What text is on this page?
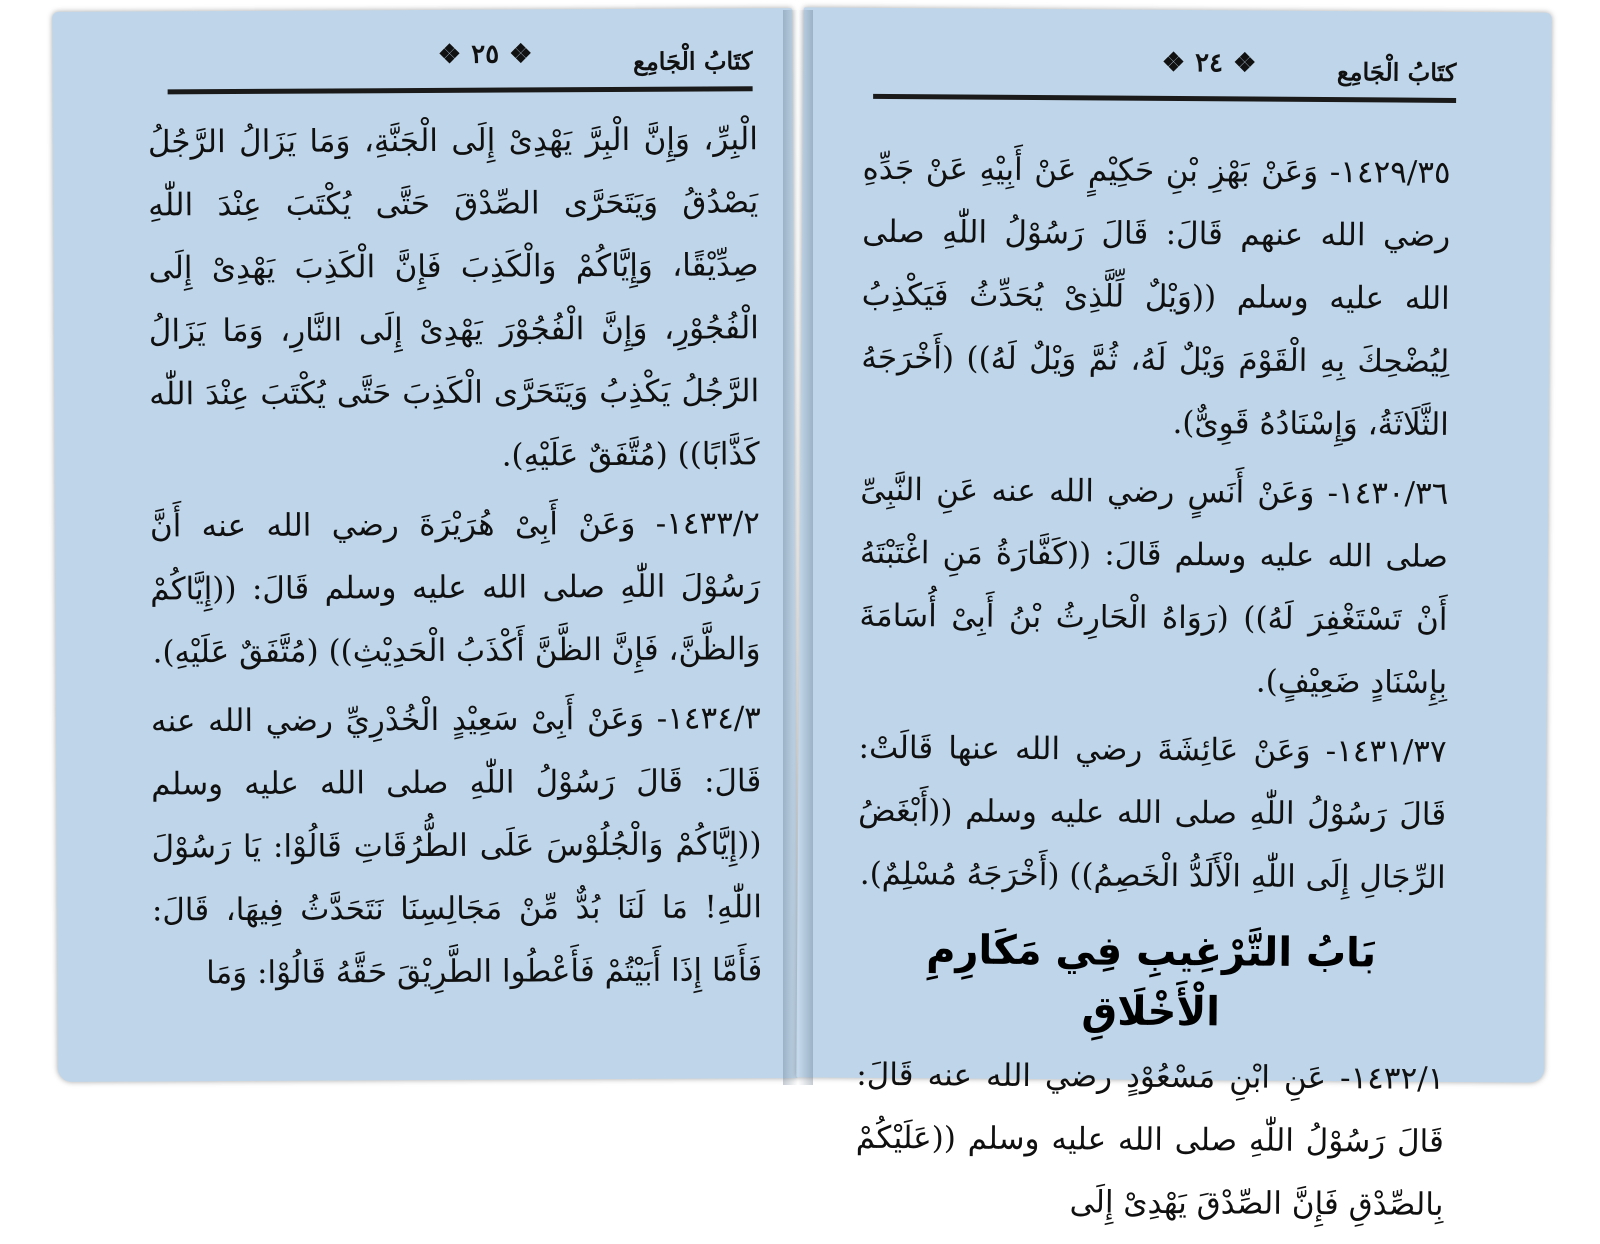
كتَابُ الْجَامِع
❖ ٢٥ ❖

الْبِرِّ، وَإِنَّ الْبِرَّ يَهْدِىْ إِلَى الْجَنَّةِ، وَمَا يَزَالُ الرَّجُلُ يَصْدُقُ وَيَتَحَرَّى الصِّدْقَ حَتَّى يُكْتَبَ عِنْدَ اللّٰهِ صِدِّيْقًا، وَإِيَّاكُمْ وَالْكَذِبَ فَإِنَّ الْكَذِبَ يَهْدِىْ إِلَى الْفُجُوْرِ، وَإِنَّ الْفُجُوْرَ يَهْدِىْ إِلَى النَّارِ، وَمَا يَزَالُ الرَّجُلُ يَكْذِبُ وَيَتَحَرَّى الْكَذِبَ حَتَّى يُكْتَبَ عِنْدَ اللّٰه كَذَّابًا)) (مُتَّفَقٌ عَلَيْهِ).

١٤٣٣/٢- وَعَنْ أَبِىْ هُرَيْرَةَ رضي الله عنه أَنَّ رَسُوْلَ اللّٰهِ صلى الله عليه وسلم قَالَ: ((إِيَّاكُمْ وَالظَّنَّ، فَإِنَّ الظَّنَّ أَكْذَبُ الْحَدِيْثِ)) (مُتَّفَقٌ عَلَيْهِ).

١٤٣٤/٣- وَعَنْ أَبِىْ سَعِيْدٍ الْخُدْرِيِّ رضي الله عنه قَالَ: قَالَ رَسُوْلُ اللّٰهِ صلى الله عليه وسلم ((إِيَّاكُمْ وَالْجُلُوْسَ عَلَى الطُّرُقَاتِ قَالُوْا: يَا رَسُوْلَ اللّٰهِ! مَا لَنَا بُدٌّ مِّنْ مَجَالِسِنَا نَتَحَدَّثُ فِيهَا، قَالَ: فَأَمَّا إِذَا أَبَيْتُمْ فَأَعْطُوا الطَّرِيْقَ حَقَّهُ قَالُوْا: وَمَا

كتَابُ الْجَامِع
❖ ٢٤ ❖

١٤٢٩/٣٥- وَعَنْ بَهْزِ بْنِ حَكِيْمٍ عَنْ أَبِيْهِ عَنْ جَدِّهِ رضي الله عنهم قَالَ: قَالَ رَسُوْلُ اللّٰهِ صلى الله عليه وسلم ((وَيْلٌ لِّلَّذِىْ يُحَدِّثُ فَيَكْذِبُ لِيُضْحِكَ بِهِ الْقَوْمَ وَيْلٌ لَهُ، ثُمَّ وَيْلٌ لَهُ)) (أَخْرَجَهُ الثَّلَاثَةُ، وَإِسْنَادُهُ قَوِىٌّ).

١٤٣٠/٣٦- وَعَنْ أَنَسٍ رضي الله عنه عَنِ النَّبِىِّ صلى الله عليه وسلم قَالَ: ((كَفَّارَةُ مَنِ اغْتَبْتَهُ أَنْ تَسْتَغْفِرَ لَهُ)) (رَوَاهُ الْحَارِثُ بْنُ أَبِىْ أُسَامَةَ بِإِسْنَادٍ ضَعِيْفٍ).

١٤٣١/٣٧- وَعَنْ عَائِشَةَ رضي الله عنها قَالَتْ: قَالَ رَسُوْلُ اللّٰهِ صلى الله عليه وسلم ((أَبْغَضُ الرِّجَالِ إِلَى اللّٰهِ الْأَلَدُّ الْخَصِمُ)) (أَخْرَجَهُ مُسْلِمٌ).

بَابُ التَّرْغِيبِ فِي مَكَارِمِ الْأَخْلَاقِ

١٤٣٢/١- عَنِ ابْنِ مَسْعُوْدٍ رضي الله عنه قَالَ: قَالَ رَسُوْلُ اللّٰهِ صلى الله عليه وسلم ((عَلَيْكُمْ بِالصِّدْقِ فَإِنَّ الصِّدْقَ يَهْدِىْ إِلَى
